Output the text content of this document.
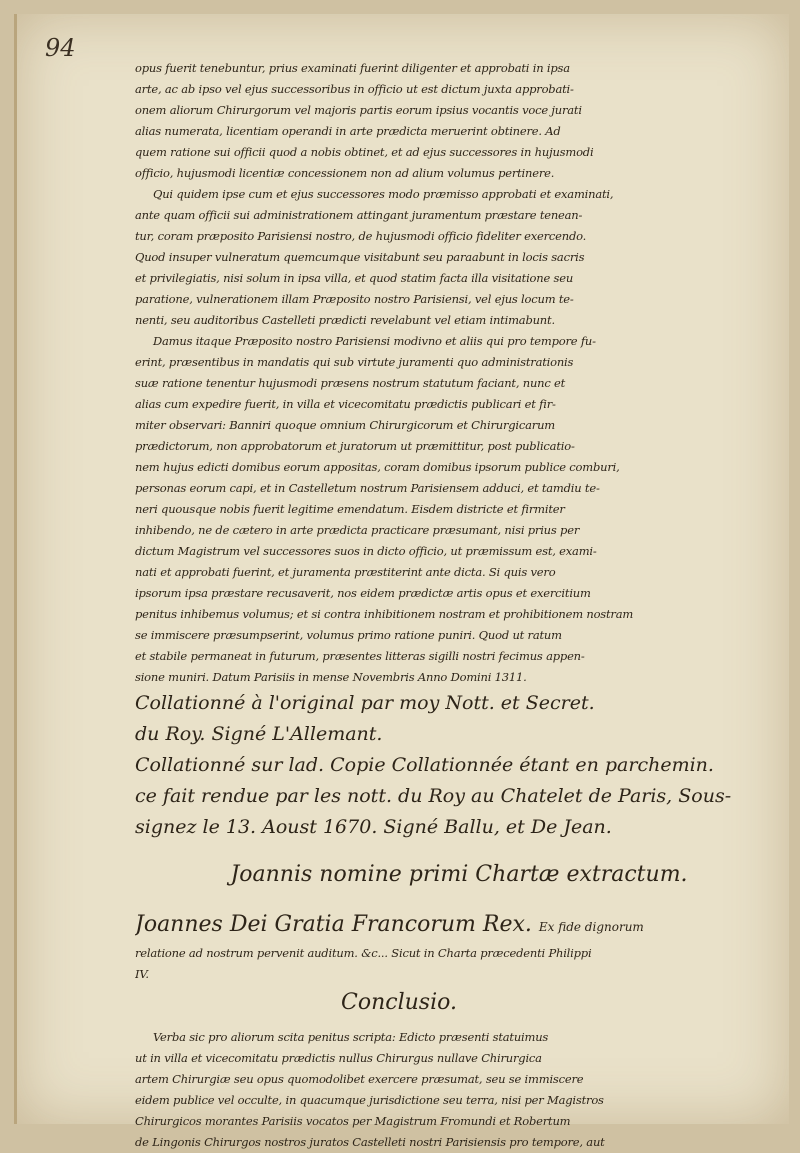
94
opus fuerit tenebuntur, prius examinati fuerint diligenter et approbati in ipsa
arte, ac ab ipso vel ejus successoribus in officio ut est dictum juxta approbati-
onem aliorum Chirurgorum vel majoris partis eorum ipsius vocantis voce jurati
alias numerata, licentiam operandi in arte prædicta meruerint obtinere. Ad
quem ratione sui officii quod a nobis obtinet, et ad ejus successores in hujusmodi
officio, hujusmodi licentiæ concessionem non ad alium volumus pertinere.
Qui quidem ipse cum et ejus successores modo præmisso approbati et examinati,
ante quam officii sui administrationem attingant juramentum præstare tenean-
tur, coram præposito Parisiensi nostro, de hujusmodi officio fideliter exercendo.
Quod insuper vulneratum quemcumque visitabunt seu paraabunt in locis sacris
et privilegiatis, nisi solum in ipsa villa, et quod statim facta illa visitatione seu
paratione, vulnerationem illam Præposito nostro Parisiensi, vel ejus locum te-
nenti, seu auditoribus Castelleti prædicti revelabunt vel etiam intimabunt.
Damus itaque Præposito nostro Parisiensi modivno et aliis qui pro tempore fu-
erint, præsentibus in mandatis qui sub virtute juramenti quo administrationis
suæ ratione tenentur hujusmodi præsens nostrum statutum faciant, nunc et
alias cum expedire fuerit, in villa et vicecomitatu prædictis publicari et fir-
miter observari: Banniri quoque omnium Chirurgicorum et Chirurgicarum
prædictorum, non approbatorum et juratorum ut præmittitur, post publicatio-
nem hujus edicti domibus eorum appositas, coram domibus ipsorum publice comburi,
personas eorum capi, et in Castelletum nostrum Parisiensem adduci, et tamdiu te-
neri quousque nobis fuerit legitime emendatum. Eisdem districte et firmiter
inhibendo, ne de cætero in arte prædicta practicare præsumant, nisi prius per
dictum Magistrum vel successores suos in dicto officio, ut præmissum est, exami-
nati et approbati fuerint, et juramenta præstiterint ante dicta. Si quis vero
ipsorum ipsa præstare recusaverit, nos eidem prædictæ artis opus et exercitium
penitus inhibemus volumus; et si contra inhibitionem nostram et prohibitionem nostram
se immiscere præsumpserint, volumus primo ratione puniri. Quod ut ratum
et stabile permaneat in futurum, præsentes litteras sigilli nostri fecimus appen-
sione muniri. Datum Parisiis in mense Novembris Anno Domini 1311.
Collationné à l'original par moy Nott. et Secret.
du Roy. Signé L'Allemant.
Collationné sur lad. Copie Collationnée étant en parchemin.
ce fait rendue par les nott. du Roy au Chatelet de Paris, Sous-
signez le 13. Aoust 1670. Signé Ballu, et De Jean.
Joannis nomine primi Chartæ extractum.
Joannes Dei Gratia Francorum Rex. Ex fide dignorum
relatione ad nostrum pervenit auditum. &c... Sicut in Charta præcedenti Philippi
IV.
Conclusio.
Verba sic pro aliorum scita penitus scripta: Edicto præsenti statuimus
ut in villa et vicecomitatu prædictis nullus Chirurgus nullave Chirurgica
artem Chirurgiæ seu opus quomodolibet exercere præsumat, seu se immiscere
eidem publice vel occulte, in quacumque jurisdictione seu terra, nisi per Magistros
Chirurgicos morantes Parisiis vocatos per Magistrum Fromundi et Robertum
de Lingonis Chirurgos nostros juratos Castelleti nostri Parisiensis pro tempore, aut
